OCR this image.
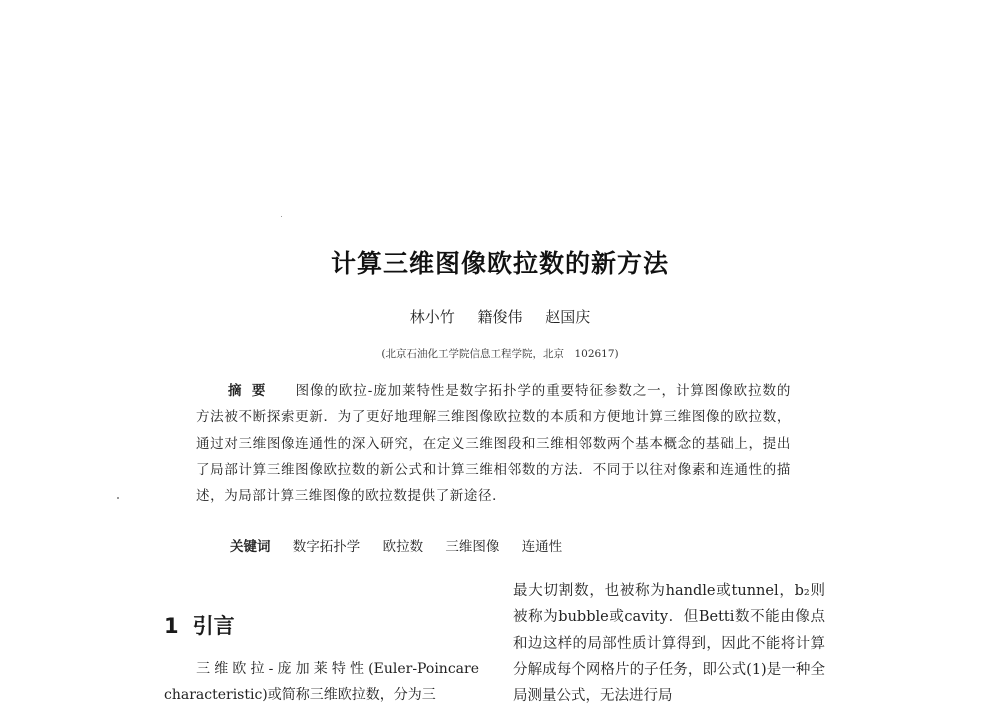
计算三维图像欧拉数的新方法
林小竹 籍俊伟 赵国庆
(北京石油化工学院信息工程学院，北京　102617)
摘要 图像的欧拉-庞加莱特性是数字拓扑学的重要特征参数之一，计算图像欧拉数的方法被不断探索更新．为了更好地理解三维图像欧拉数的本质和方便地计算三维图像的欧拉数，通过对三维图像连通性的深入研究，在定义三维图段和三维相邻数两个基本概念的基础上，提出了局部计算三维图像欧拉数的新公式和计算三维相邻数的方法．不同于以往对像素和连通性的描述，为局部计算三维图像的欧拉数提供了新途径．
关键词 数字拓扑学 欧拉数 三维图像 连通性
1 引言
三维欧拉-庞加莱特性(Euler-Poincare characteristic)或简称三维欧拉数，分为三
最大切割数，也被称为handle或tunnel，b₂则被称为bubble或cavity．但Betti数不能由像点和边这样的局部性质计算得到，因此不能将计算分解成每个网格片的子任务，即公式(1)是一种全局测量公式，无法进行局
